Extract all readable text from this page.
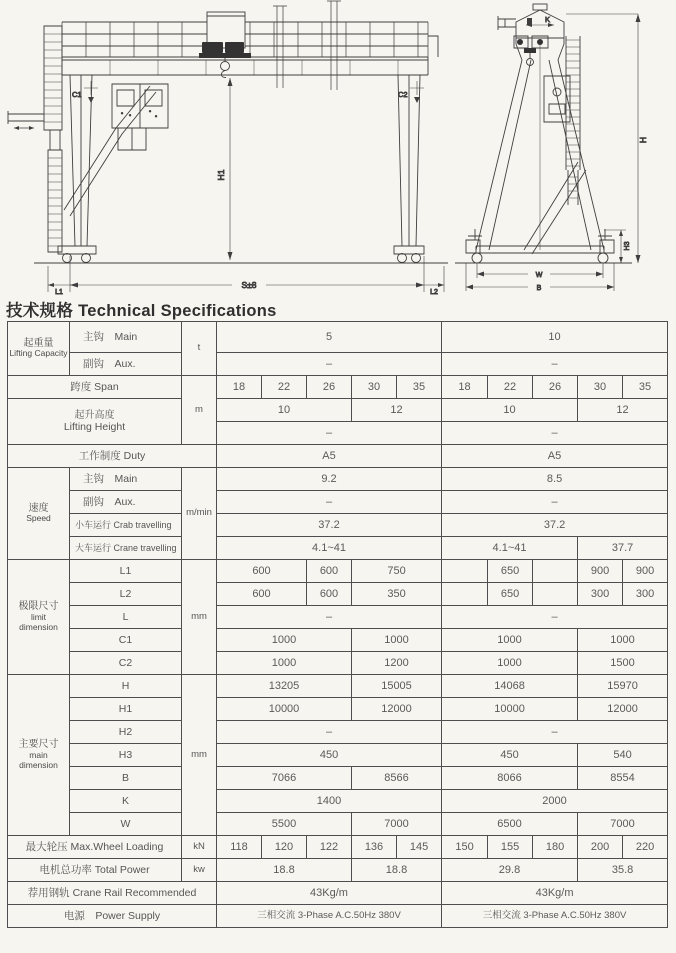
C1	C2
H1
S±8
L1	L2
K
H
H3
W
B
技术规格 Technical Specifications
起重量
Lifting Capacity	主钩　Main	t	5					10				
	副钩　Aux.		–					–				
跨度 Span		m	18	22	26	30	35	18	22	26	30	35

起升高度
Lifting Height			10			12		10			12	
			–					–				
工作制度 Duty			A5					A5				

速度
Speed	主钩　Main	m/min	9.2					8.5				
	副钩　Aux.		–					–				
	小车运行 Crab travelling		37.2					37.2				
	大车运行 Crane travelling		4.1~41					4.1~41			37.7	

极限尺寸
limit
dimension	L1	mm	600		600	750			650		900	900
	L2		600		600	350			650		300	300
	L		–					–				
	C1		1000			1000		1000			1000	
	C2		1000			1200		1000			1500	

主要尺寸
main
dimension	H	mm	13205			15005		14068			15970	
	H1		10000			12000		10000			12000	
	H2		–					–				
	H3		450					450			540	
	B		7066			8566		8066			8554	
	K		1400					2000				
	W		5500			7000		6500			7000	
最大轮压 Max.Wheel Loading		kN	118	120	122	136	145	150	155	180	200	220
电机总功率 Total Power		kw	18.8			18.8		29.8			35.8	
荐用钢轨 Crane Rail Recommended			43Kg/m					43Kg/m				
电源　Power Supply			三相交流 3-Phase A.C.50Hz 380V					三相交流 3-Phase A.C.50Hz 380V				
